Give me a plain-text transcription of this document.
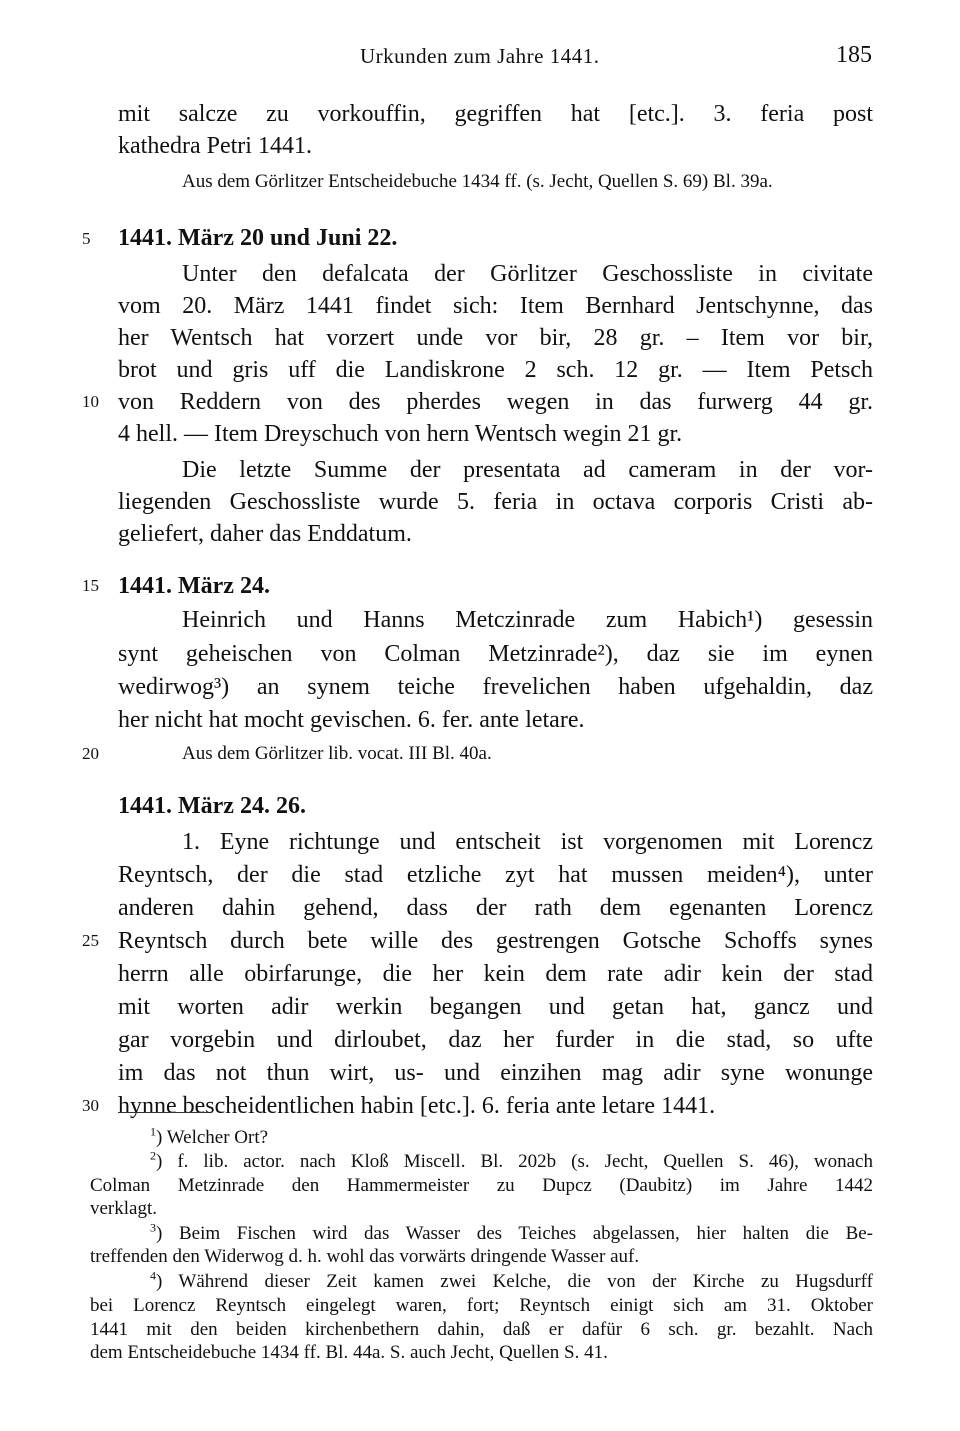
Urkunden zum Jahre 1441.	185
mit salcze zu vorkouffin, gegriffen hat [etc.]. 3. feria post
kathedra Petri 1441.
Aus dem Görlitzer Entscheidebuche 1434 ff. (s. Jecht, Quellen S. 69) Bl. 39a.
5 1441. März 20 und Juni 22.
Unter den defalcata der Görlitzer Geschossliste in civitate
vom 20. März 1441 findet sich: Item Bernhard Jentschynne, das
her Wentsch hat vorzert unde vor bir, 28 gr. – Item vor bir,
brot und gris uff die Landiskrone 2 sch. 12 gr. — Item Petsch
10 von Reddern von des pherdes wegen in das furwerg 44 gr.
4 hell. — Item Dreyschuch von hern Wentsch wegin 21 gr.
Die letzte Summe der presentata ad cameram in der vor-
liegenden Geschossliste wurde 5. feria in octava corporis Cristi ab-
geliefert, daher das Enddatum.
15 1441. März 24.
Heinrich und Hanns Metczinrade zum Habich¹) gesessin
synt geheischen von Colman Metzinrade²), daz sie im eynen
wedirwog³) an synem teiche frevelichen haben ufgehaldin, daz
her nicht hat mocht gevischen. 6. fer. ante letare.
20	Aus dem Görlitzer lib. vocat. III Bl. 40a.
1441. März 24. 26.
1. Eyne richtunge und entscheit ist vorgenomen mit Lorencz
Reyntsch, der die stad etzliche zyt hat mussen meiden⁴), unter
anderen dahin gehend, dass der rath dem egenanten Lorencz
25 Reyntsch durch bete wille des gestrengen Gotsche Schoffs synes
herrn alle obirfarunge, die her kein dem rate adir kein der stad
mit worten adir werkin begangen und getan hat, gancz und
gar vorgebin und dirloubet, daz her furder in die stad, so ufte
im das not thun wirt, us- und einzihen mag adir syne wonunge
30 hynne bescheidentlichen habin [etc.]. 6. feria ante letare 1441.
$^1$) Welcher Ort?
$^2$) f. lib. actor. nach Kloß Miscell. Bl. 202b (s. Jecht, Quellen S. 46), wonach
Colman Metzinrade den Hammermeister zu Dupcz (Daubitz) im Jahre 1442
verklagt.
$^3$) Beim Fischen wird das Wasser des Teiches abgelassen, hier halten die Be-
treffenden den Widerwog d. h. wohl das vorwärts dringende Wasser auf.
$^4$) Während dieser Zeit kamen zwei Kelche, die von der Kirche zu Hugsdurff
bei Lorencz Reyntsch eingelegt waren, fort; Reyntsch einigt sich am 31. Oktober
1441 mit den beiden kirchenbethern dahin, daß er dafür 6 sch. gr. bezahlt. Nach
dem Entscheidebuche 1434 ff. Bl. 44a. S. auch Jecht, Quellen S. 41.
